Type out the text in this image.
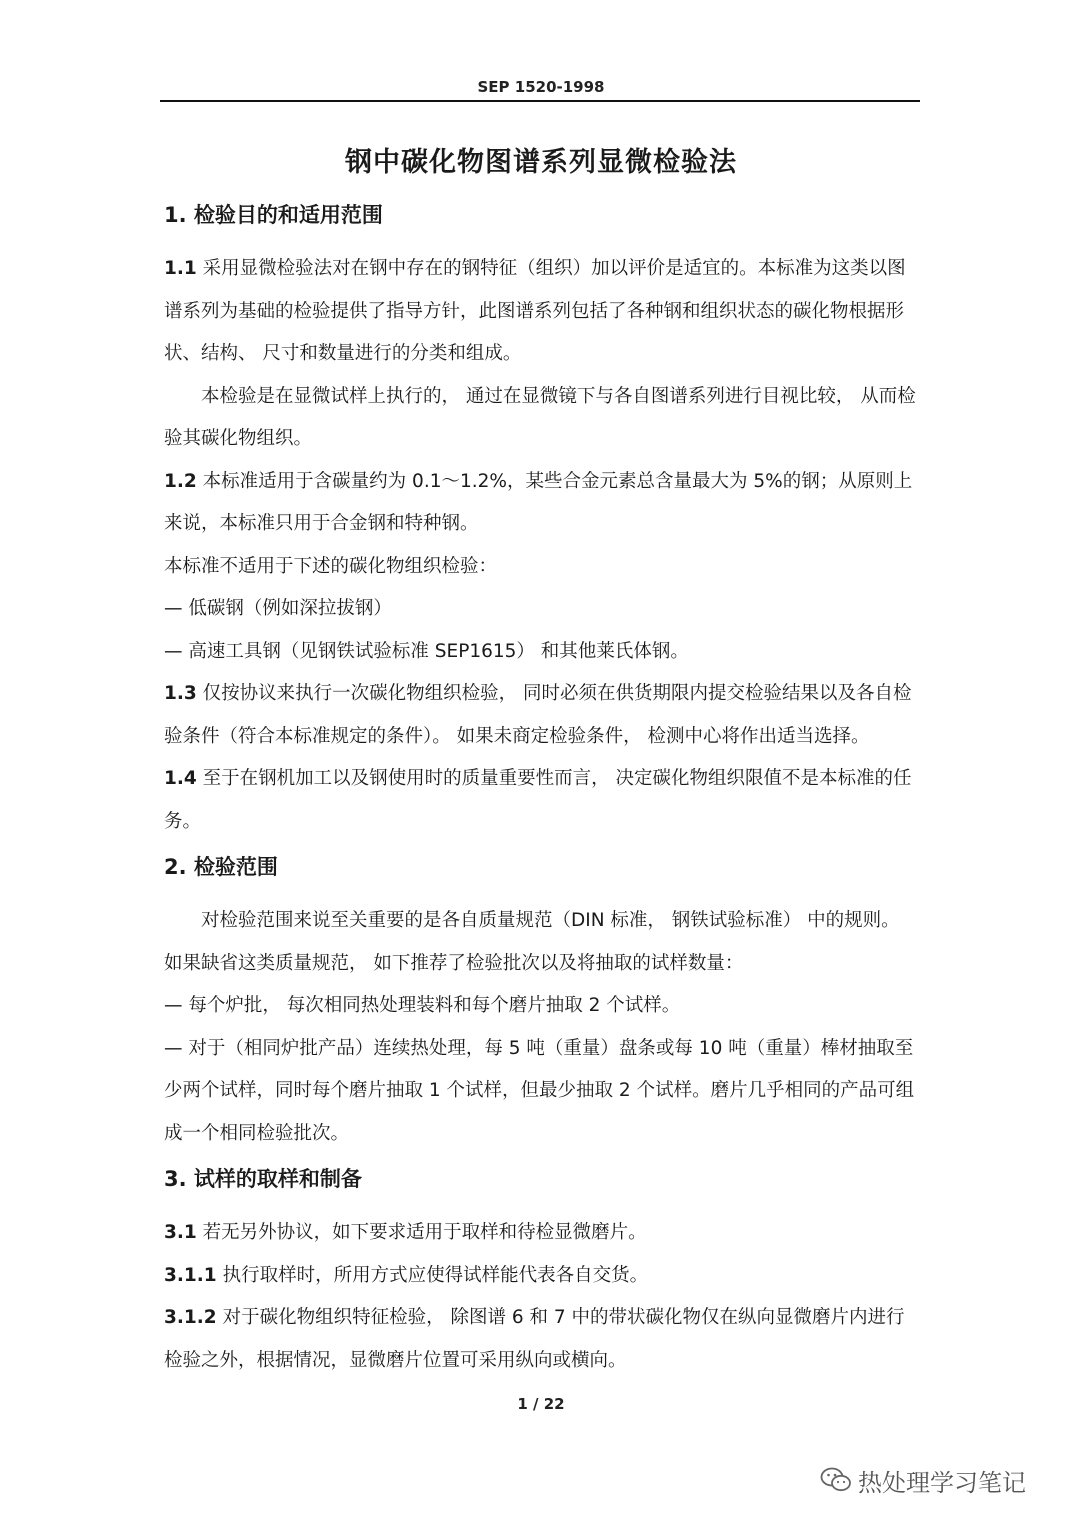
SEP 1520-1998
钢中碳化物图谱系列显微检验法
1. 检验目的和适用范围

1.1 采用显微检验法对在钢中存在的钢特征（组织）加以评价是适宜的。本标准为这类以图谱系列为基础的检验提供了指导方针，此图谱系列包括了各种钢和组织状态的碳化物根据形状、结构、 尺寸和数量进行的分类和组成。

本检验是在显微试样上执行的， 通过在显微镜下与各自图谱系列进行目视比较， 从而检验其碳化物组织。

1.2 本标准适用于含碳量约为 0.1～1.2%，某些合金元素总含量最大为 5%的钢；从原则上来说，本标准只用于合金钢和特种钢。

本标准不适用于下述的碳化物组织检验：

— 低碳钢（例如深拉拔钢）

— 高速工具钢（见钢铁试验标准 SEP1615） 和其他莱氏体钢。

1.3 仅按协议来执行一次碳化物组织检验， 同时必须在供货期限内提交检验结果以及各自检验条件（符合本标准规定的条件）。 如果未商定检验条件， 检测中心将作出适当选择。

1.4 至于在钢机加工以及钢使用时的质量重要性而言， 决定碳化物组织限值不是本标准的任务。

2. 检验范围

对检验范围来说至关重要的是各自质量规范（DIN 标准， 钢铁试验标准） 中的规则。如果缺省这类质量规范， 如下推荐了检验批次以及将抽取的试样数量：

— 每个炉批， 每次相同热处理装料和每个磨片抽取 2 个试样。

— 对于（相同炉批产品）连续热处理，每 5 吨（重量）盘条或每 10 吨（重量）棒材抽取至少两个试样，同时每个磨片抽取 1 个试样，但最少抽取 2 个试样。磨片几乎相同的产品可组成一个相同检验批次。

3. 试样的取样和制备

3.1 若无另外协议，如下要求适用于取样和待检显微磨片。

3.1.1 执行取样时，所用方式应使得试样能代表各自交货。

3.1.2 对于碳化物组织特征检验， 除图谱 6 和 7 中的带状碳化物仅在纵向显微磨片内进行检验之外，根据情况，显微磨片位置可采用纵向或横向。

1 / 22
热处理学习笔记
